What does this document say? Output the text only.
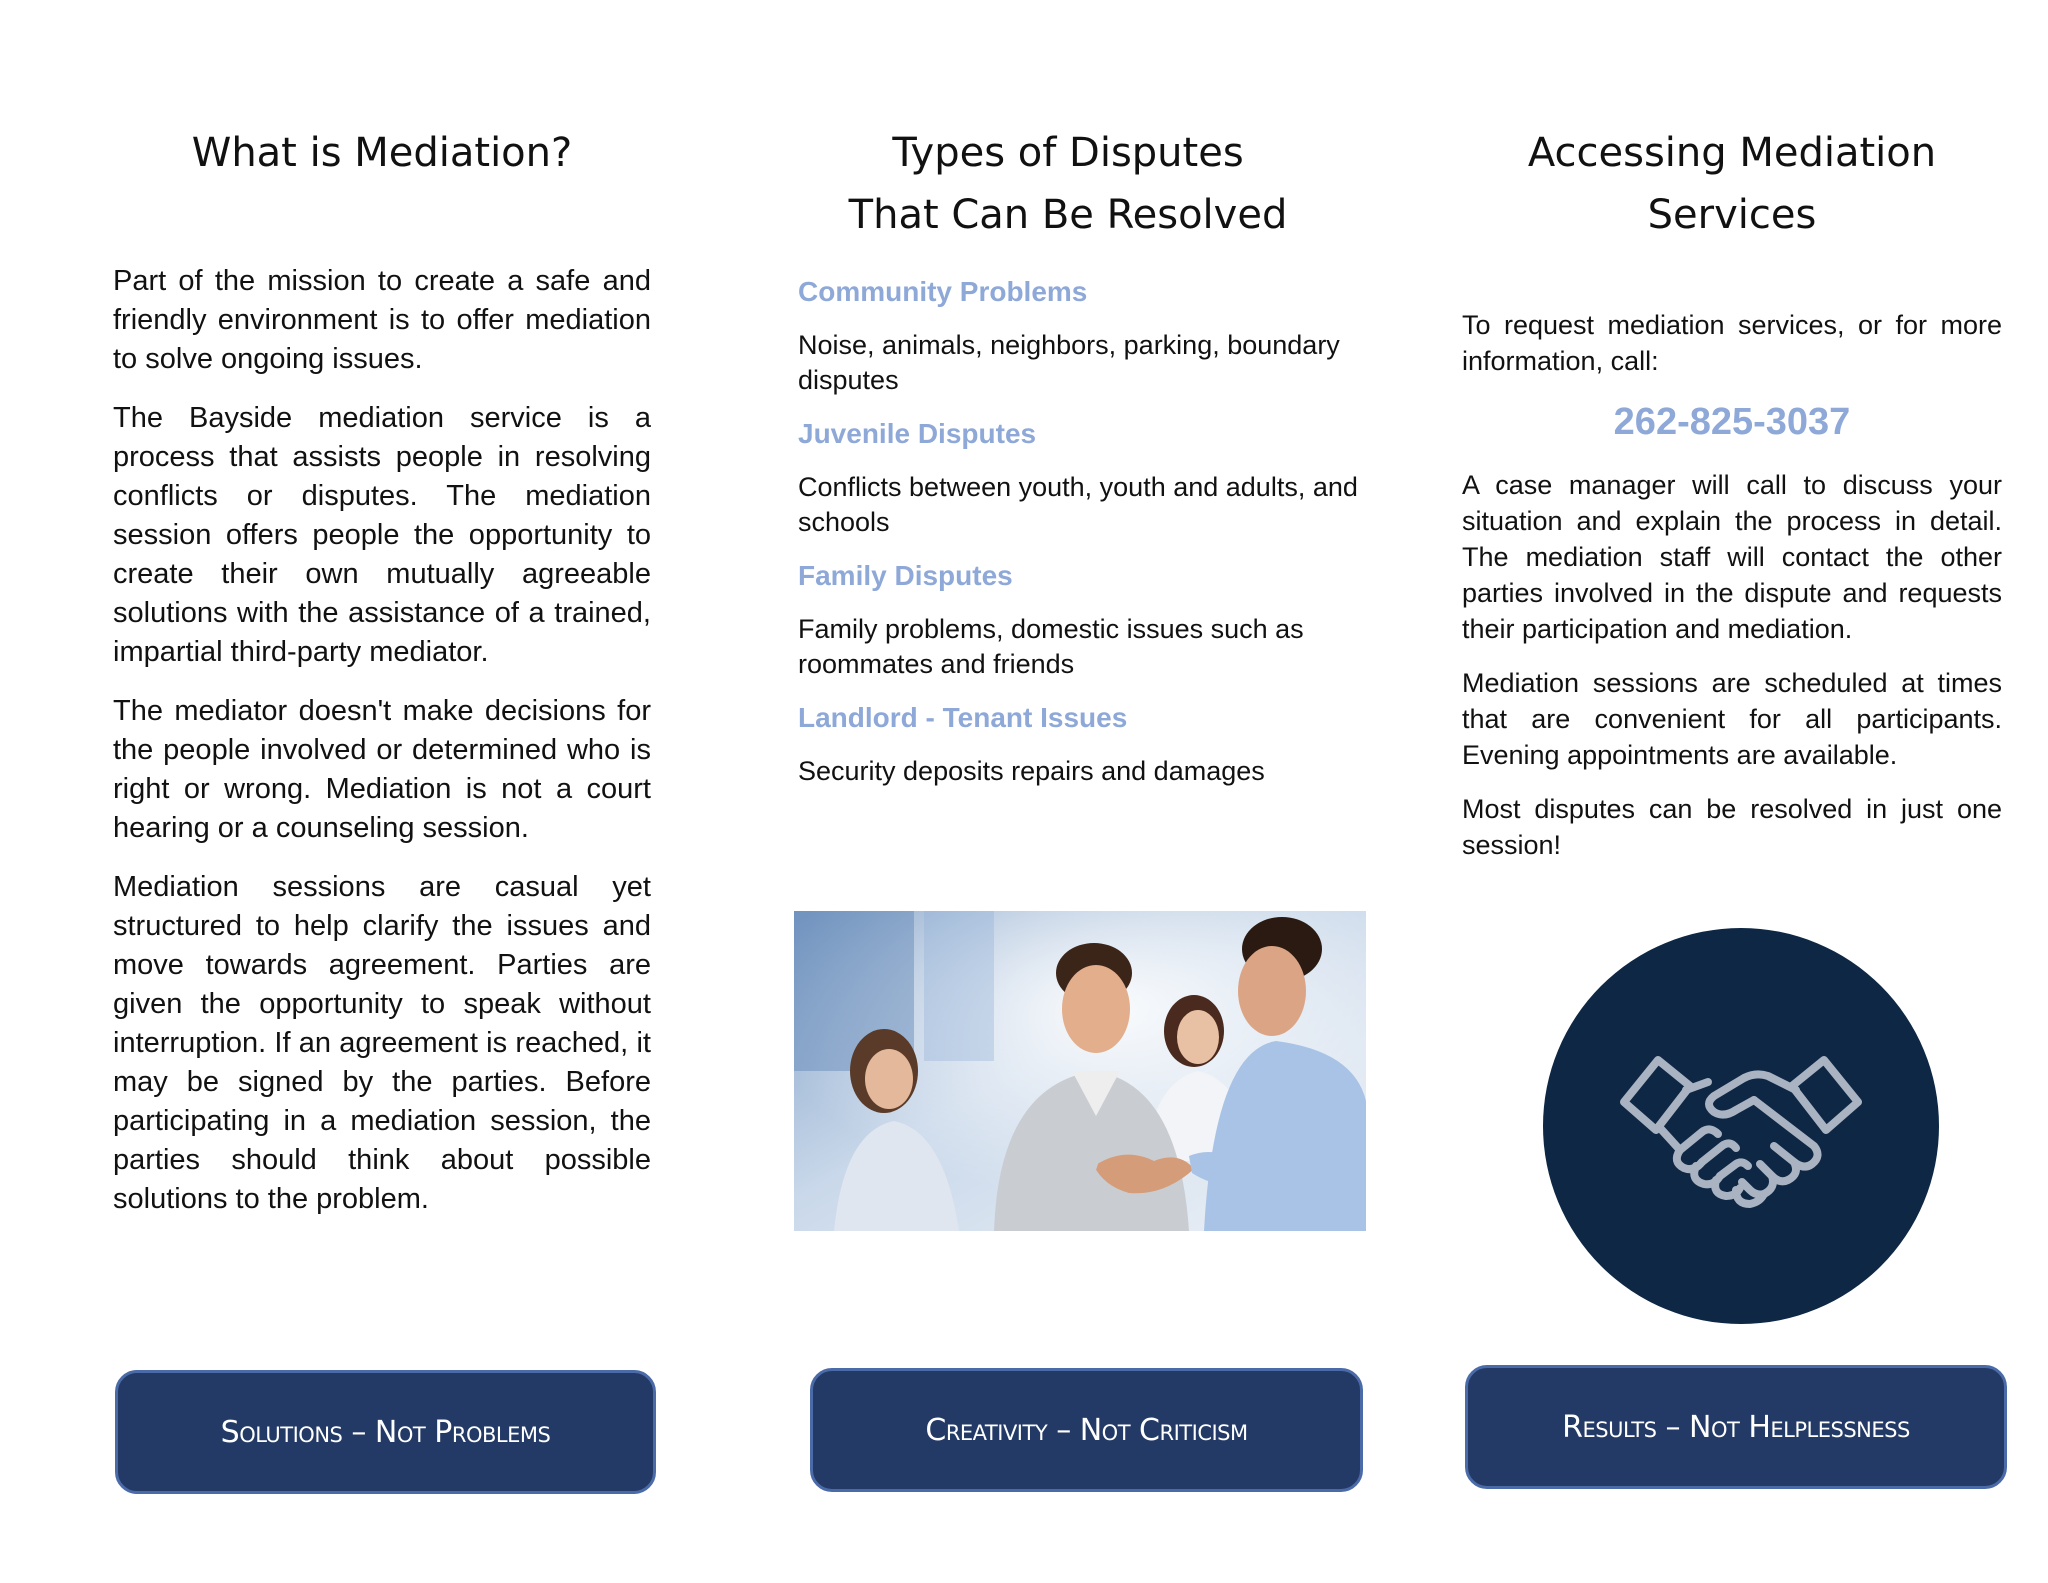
What is Mediation?

Part of the mission to create a safe and friendly environment is to offer mediation to solve ongoing issues.

The Bayside mediation service is a process that assists people in resolving conflicts or disputes. The mediation session offers people the opportunity to create their own mutually agreeable solutions with the assistance of a trained, impartial third-party mediator.

The mediator doesn't make decisions for the people involved or determined who is right or wrong. Mediation is not a court hearing or a counseling session.

Mediation sessions are casual yet structured to help clarify the issues and move towards agreement. Parties are given the opportunity to speak without interruption. If an agreement is reached, it may be signed by the parties. Before participating in a mediation session, the parties should think about possible solutions to the problem.

Types of Disputes
That Can Be Resolved
Community Problems
Noise, animals, neighbors, parking, boundary disputes
Juvenile Disputes
Conflicts between youth, youth and adults, and schools
Family Disputes
Family problems, domestic issues such as roommates and friends
Landlord - Tenant Issues
Security deposits repairs and damages
Accessing Mediation
Services

To request mediation services, or for more information, call:

262-825-3037

A case manager will call to discuss your situation and explain the process in detail. The mediation staff will contact the other parties involved in the dispute and requests their participation and mediation.

Mediation sessions are scheduled at times that are convenient for all participants. Evening appointments are available.

Most disputes can be resolved in just one session!

Solutions – Not Problems	Creativity – Not Criticism	Results – Not Helplessness
